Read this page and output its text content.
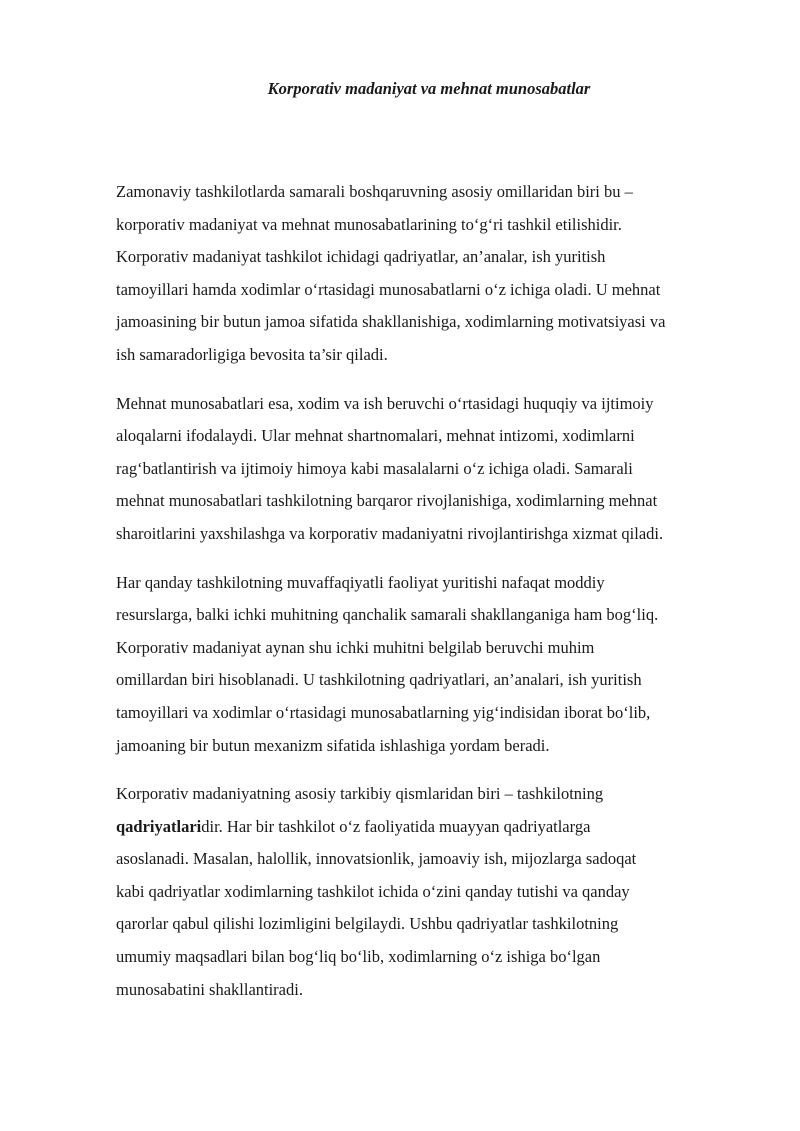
Korporativ madaniyat va mehnat munosabatlar

Zamonaviy tashkilotlarda samarali boshqaruvning asosiy omillaridan biri bu –
korporativ madaniyat va mehnat munosabatlarining to‘g‘ri tashkil etilishidir.
Korporativ madaniyat tashkilot ichidagi qadriyatlar, an’analar, ish yuritish
tamoyillari hamda xodimlar o‘rtasidagi munosabatlarni o‘z ichiga oladi. U mehnat
jamoasining bir butun jamoa sifatida shakllanishiga, xodimlarning motivatsiyasi va
ish samaradorligiga bevosita ta’sir qiladi.

Mehnat munosabatlari esa, xodim va ish beruvchi o‘rtasidagi huquqiy va ijtimoiy
aloqalarni ifodalaydi. Ular mehnat shartnomalari, mehnat intizomi, xodimlarni
rag‘batlantirish va ijtimoiy himoya kabi masalalarni o‘z ichiga oladi. Samarali
mehnat munosabatlari tashkilotning barqaror rivojlanishiga, xodimlarning mehnat
sharoitlarini yaxshilashga va korporativ madaniyatni rivojlantirishga xizmat qiladi.

Har qanday tashkilotning muvaffaqiyatli faoliyat yuritishi nafaqat moddiy
resurslarga, balki ichki muhitning qanchalik samarali shakllanganiga ham bog‘liq.
Korporativ madaniyat aynan shu ichki muhitni belgilab beruvchi muhim
omillardan biri hisoblanadi. U tashkilotning qadriyatlari, an’analari, ish yuritish
tamoyillari va xodimlar o‘rtasidagi munosabatlarning yig‘indisidan iborat bo‘lib,
jamoaning bir butun mexanizm sifatida ishlashiga yordam beradi.

Korporativ madaniyatning asosiy tarkibiy qismlaridan biri – tashkilotning
qadriyatlaridir. Har bir tashkilot o‘z faoliyatida muayyan qadriyatlarga
asoslanadi. Masalan, halollik, innovatsionlik, jamoaviy ish, mijozlarga sadoqat
kabi qadriyatlar xodimlarning tashkilot ichida o‘zini qanday tutishi va qanday
qarorlar qabul qilishi lozimligini belgilaydi. Ushbu qadriyatlar tashkilotning
umumiy maqsadlari bilan bog‘liq bo‘lib, xodimlarning o‘z ishiga bo‘lgan
munosabatini shakllantiradi.
